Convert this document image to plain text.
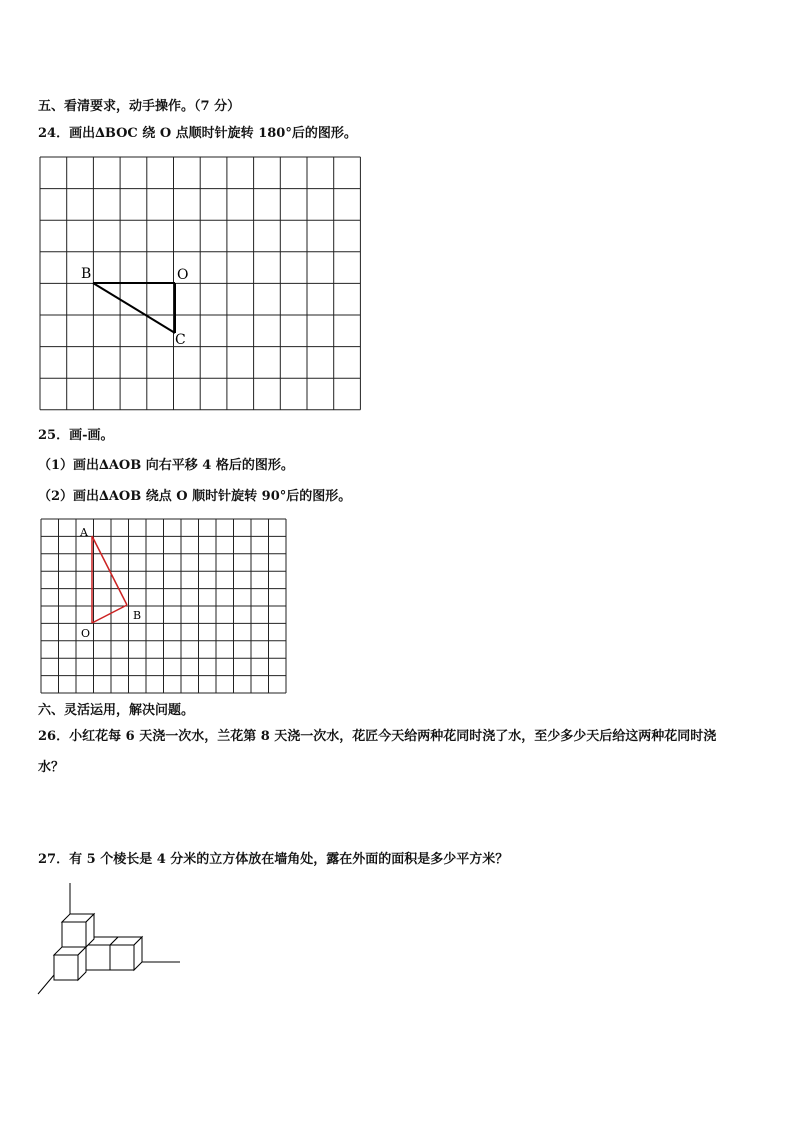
五、看清要求，动手操作。（7 分）
24．画出∆BOC 绕 O 点顺时针旋转 180°后的图形。
B	O
C
25．画-画。
（1）画出∆AOB 向右平移 4 格后的图形。
（2）画出∆AOB 绕点 O 顺时针旋转 90°后的图形。
A
O
B
六、灵活运用，解决问题。
26．小红花每 6 天浇一次水，兰花第 8 天浇一次水，花匠今天给两种花同时浇了水，至少多少天后给这两种花同时浇
水？
27．有 5 个棱长是 4 分米的立方体放在墙角处，露在外面的面积是多少平方米？
